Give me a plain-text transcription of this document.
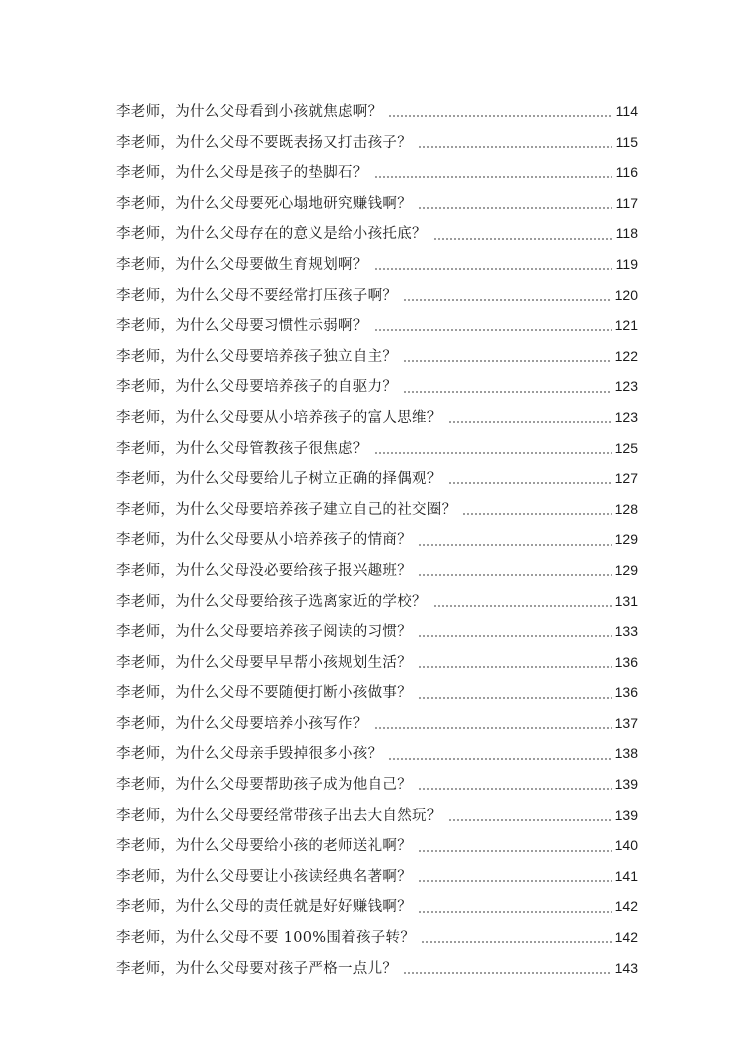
李老师，为什么父母看到小孩就焦虑啊？	114
李老师，为什么父母不要既表扬又打击孩子？	115
李老师，为什么父母是孩子的垫脚石？	116
李老师，为什么父母要死心塌地研究赚钱啊？	117
李老师，为什么父母存在的意义是给小孩托底？	118
李老师，为什么父母要做生育规划啊？	119
李老师，为什么父母不要经常打压孩子啊？	120
李老师，为什么父母要习惯性示弱啊？	121
李老师，为什么父母要培养孩子独立自主？	122
李老师，为什么父母要培养孩子的自驱力？	123
李老师，为什么父母要从小培养孩子的富人思维？	123
李老师，为什么父母管教孩子很焦虑？	125
李老师，为什么父母要给儿子树立正确的择偶观？	127
李老师，为什么父母要培养孩子建立自己的社交圈？	128
李老师，为什么父母要从小培养孩子的情商？	129
李老师，为什么父母没必要给孩子报兴趣班？	129
李老师，为什么父母要给孩子选离家近的学校？	131
李老师，为什么父母要培养孩子阅读的习惯？	133
李老师，为什么父母要早早帮小孩规划生活？	136
李老师，为什么父母不要随便打断小孩做事？	136
李老师，为什么父母要培养小孩写作？	137
李老师，为什么父母亲手毁掉很多小孩？	138
李老师，为什么父母要帮助孩子成为他自己？	139
李老师，为什么父母要经常带孩子出去大自然玩？	139
李老师，为什么父母要给小孩的老师送礼啊？	140
李老师，为什么父母要让小孩读经典名著啊？	141
李老师，为什么父母的责任就是好好赚钱啊？	142
李老师，为什么父母不要 100%围着孩子转？	142
李老师，为什么父母要对孩子严格一点儿？	143
